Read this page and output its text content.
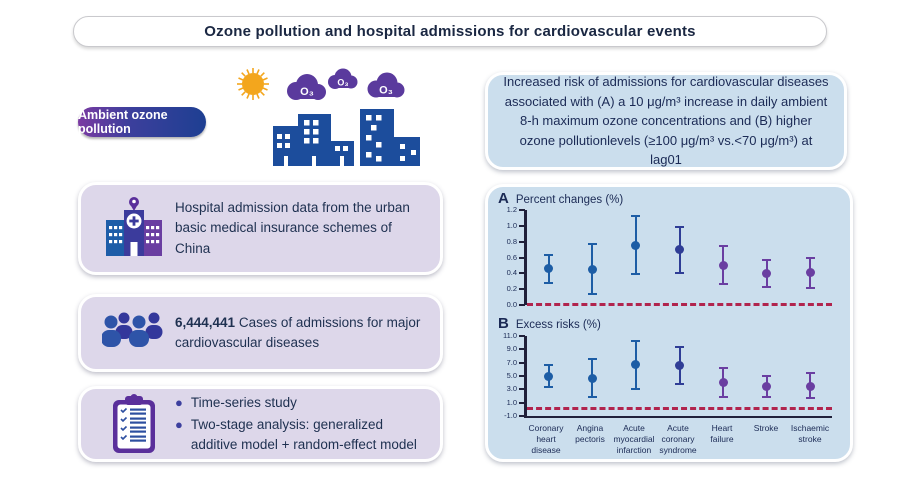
Ozone pollution and hospital admissions for cardiovascular events
Ambient ozone pollution
O₃
O₃
O₃
Hospital admission data from the urban basic medical insurance schemes of China
6,444,441 Cases of admissions for major cardiovascular diseases
● Time-series study
● Two-stage analysis: generalized additive model + random-effect model
Increased risk of admissions for cardiovascular diseases associated with (A) a 10 μg/m³ increase in daily ambient 8-h maximum ozone concentrations and (B) higher ozone pollutionlevels (≥100 μg/m³ vs.<70 μg/m³) at lag01
A Percent changes (%)
1.2
1.0
0.8
0.6
0.4
0.2
0.0
B Excess risks (%)
11.0
9.0
7.0
5.0
3.0
1.0
-1.0
Coronary heart disease
Angina pectoris
Acute myocardial infarction
Acute coronary syndrome
Heart failure
Stroke	Ischaemic stroke
